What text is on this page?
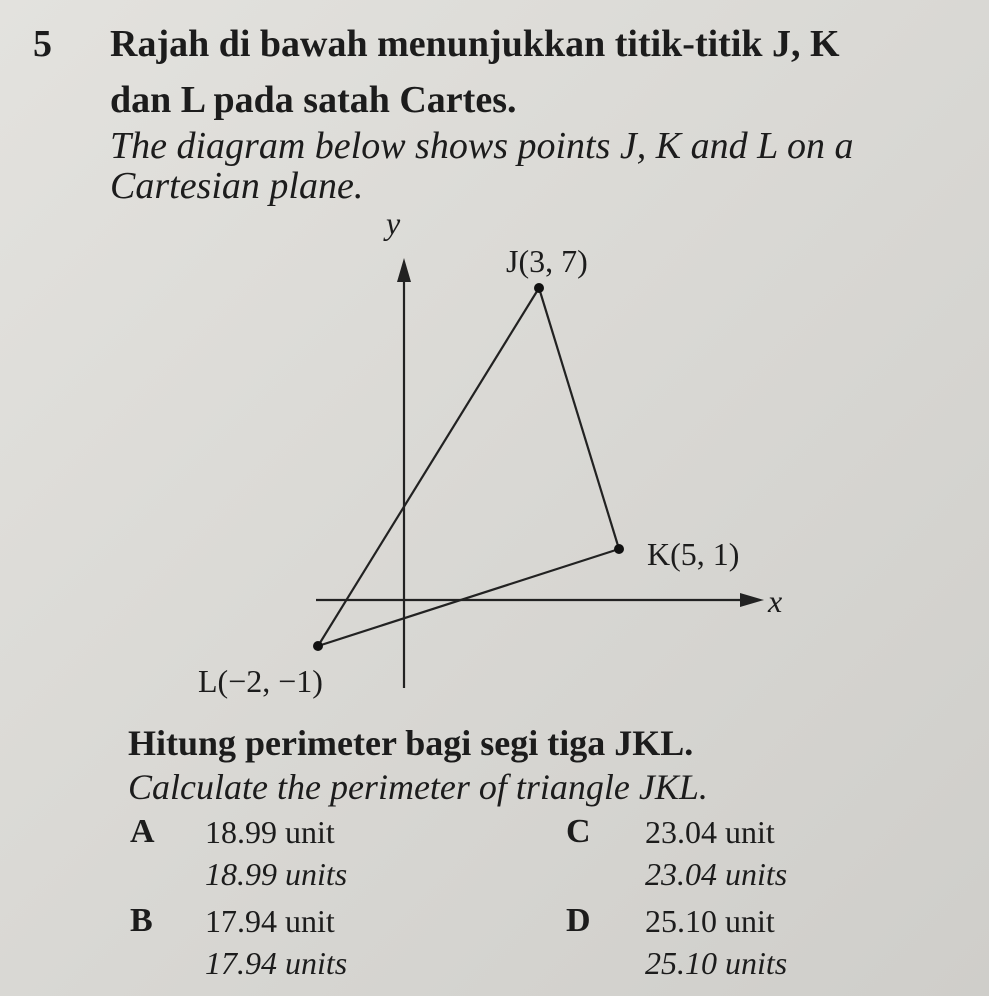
5 Rajah di bawah menunjukkan titik-titik J, K
dan L pada satah Cartes.
The diagram below shows points J, K and L on a
Cartesian plane.
y
x
J(3, 7)
K(5, 1)
L(−2, −1)
Hitung perimeter bagi segi tiga JKL.
Calculate the perimeter of triangle JKL.
A 18.99 unit
18.99 units
B 17.94 unit
17.94 units
C 23.04 unit
23.04 units
D 25.10 unit
25.10 units
